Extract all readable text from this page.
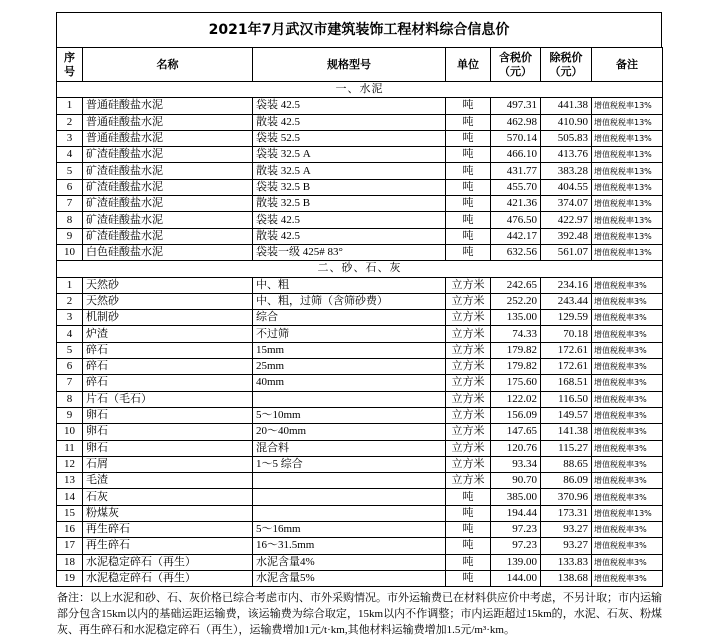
2021年7月武汉市建筑装饰工程材料综合信息价
序号	名称	规格型号	单位	含税价（元）	除税价（元）	备注
一、水泥						
1	普通硅酸盐水泥	袋装 42.5	吨	497.31	441.38	增值税税率13%
2	普通硅酸盐水泥	散装 42.5	吨	462.98	410.90	增值税税率13%
3	普通硅酸盐水泥	袋装 52.5	吨	570.14	505.83	增值税税率13%
4	矿渣硅酸盐水泥	袋装 32.5 A	吨	466.10	413.76	增值税税率13%
5	矿渣硅酸盐水泥	散装 32.5 A	吨	431.77	383.28	增值税税率13%
6	矿渣硅酸盐水泥	袋装 32.5 B	吨	455.70	404.55	增值税税率13%
7	矿渣硅酸盐水泥	散装 32.5 B	吨	421.36	374.07	增值税税率13%
8	矿渣硅酸盐水泥	袋装 42.5	吨	476.50	422.97	增值税税率13%
9	矿渣硅酸盐水泥	散装 42.5	吨	442.17	392.48	增值税税率13%
10	白色硅酸盐水泥	袋装一级 425# 83°	吨	632.56	561.07	增值税税率13%
二、砂、石、灰						
1	天然砂	中、粗	立方米	242.65	234.16	增值税税率3%
2	天然砂	中、粗，过筛（含筛砂费）	立方米	252.20	243.44	增值税税率3%
3	机制砂	综合	立方米	135.00	129.59	增值税税率3%
4	炉渣	不过筛	立方米	74.33	70.18	增值税税率3%
5	碎石	15mm	立方米	179.82	172.61	增值税税率3%
6	碎石	25mm	立方米	179.82	172.61	增值税税率3%
7	碎石	40mm	立方米	175.60	168.51	增值税税率3%
8	片石（毛石）		立方米	122.02	116.50	增值税税率3%
9	卵石	5～10mm	立方米	156.09	149.57	增值税税率3%
10	卵石	20～40mm	立方米	147.65	141.38	增值税税率3%
11	卵石	混合料	立方米	120.76	115.27	增值税税率3%
12	石屑	1～5 综合	立方米	93.34	88.65	增值税税率3%
13	毛渣		立方米	90.70	86.09	增值税税率3%
14	石灰		吨	385.00	370.96	增值税税率3%
15	粉煤灰		吨	194.44	173.31	增值税税率13%
16	再生碎石	5～16mm	吨	97.23	93.27	增值税税率3%
17	再生碎石	16～31.5mm	吨	97.23	93.27	增值税税率3%
18	水泥稳定碎石（再生）	水泥含量4%	吨	139.00	133.83	增值税税率3%
19	水泥稳定碎石（再生）	水泥含量5%	吨	144.00	138.68	增值税税率3%
备注：以上水泥和砂、石、灰价格已综合考虑市内、市外采购情况。市外运输费已在材料供应价中考虑，不另计取；市内运输部分包含15km以内的基础运距运输费，该运输费为综合取定，15km以内不作调整；市内运距超过15km的，水泥、石灰、粉煤灰、再生碎石和水泥稳定碎石（再生），运输费增加1元/t·km,其他材料运输费增加1.5元/m³·km。
